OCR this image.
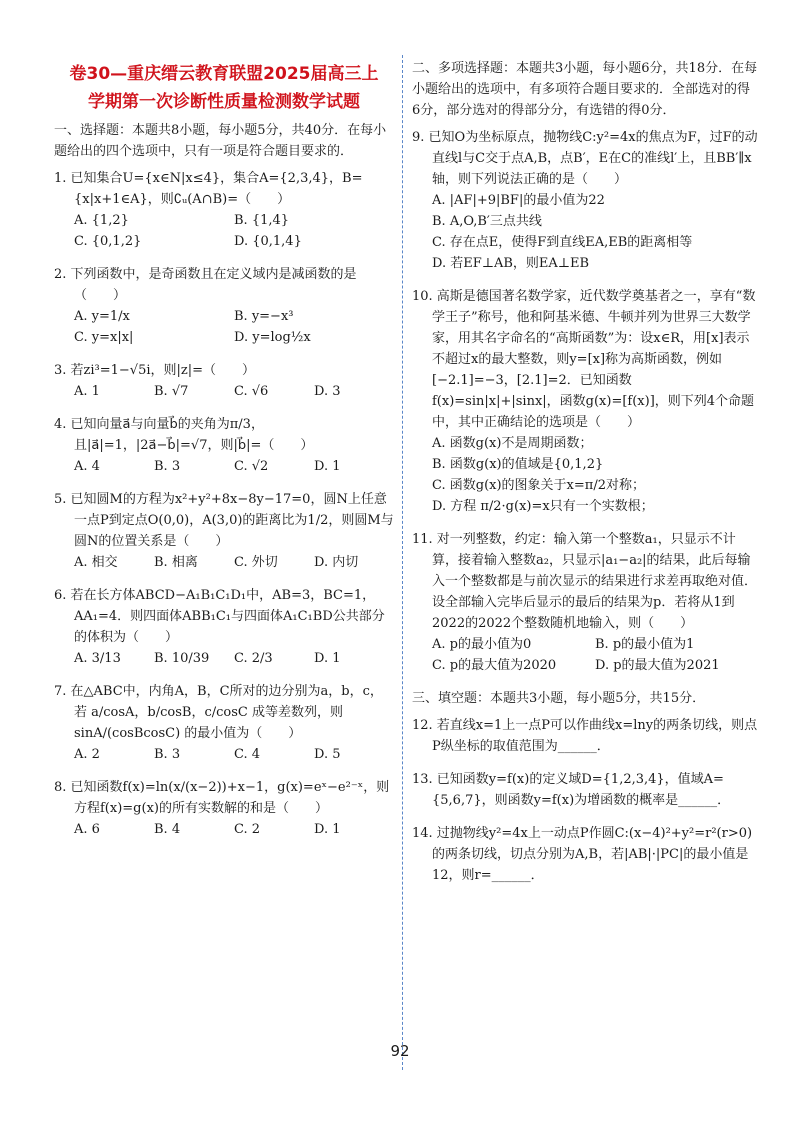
卷30—重庆缙云教育联盟2025届高三上
学期第一次诊断性质量检测数学试题
一、选择题：本题共8小题，每小题5分，共40分．在每小题给出的四个选项中，只有一项是符合题目要求的．
1. 已知集合U={x∈N|x≤4}，集合A={2,3,4}，B={x|x+1∈A}，则∁ᵤ(A∩B)=（　　）
A. {1,2}	B. {1,4}
C. {0,1,2}	D. {0,1,4}
2. 下列函数中，是奇函数且在定义域内是减函数的是（　　）
A. y=1/x	B. y=−x³
C. y=x|x|	D. y=log½x
3. 若zi³=1−√5i，则|z|=（　　）
A. 1	B. √7	C. √6	D. 3
4. 已知向量a⃗与向量b⃗的夹角为π/3，且|a⃗|=1，|2a⃗−b⃗|=√7，则|b⃗|=（　　）
A. 4	B. 3	C. √2	D. 1
5. 已知圆M的方程为x²+y²+8x−8y−17=0，圆N上任意一点P到定点O(0,0)，A(3,0)的距离比为1/2，则圆M与圆N的位置关系是（　　）
A. 相交	B. 相离	C. 外切	D. 内切
6. 若在长方体ABCD−A₁B₁C₁D₁中，AB=3，BC=1，AA₁=4．则四面体ABB₁C₁与四面体A₁C₁BD公共部分的体积为（　　）
A. 3/13	B. 10/39	C. 2/3	D. 1
7. 在△ABC中，内角A，B，C所对的边分别为a，b，c，若 a/cosA，b/cosB，c/cosC 成等差数列，则 sinA/(cosBcosC) 的最小值为（　　）
A. 2	B. 3	C. 4	D. 5
8. 已知函数f(x)=ln(x/(x−2))+x−1，g(x)=eˣ−e²⁻ˣ，则方程f(x)=g(x)的所有实数解的和是（　　）
A. 6	B. 4	C. 2	D. 1
二、多项选择题：本题共3小题，每小题6分，共18分．在每小题给出的选项中，有多项符合题目要求的．全部选对的得6分，部分选对的得部分分，有选错的得0分．
9. 已知O为坐标原点，抛物线C:y²=4x的焦点为F，过F的动直线l与C交于点A,B，点B′，E在C的准线l′上，且BB′∥x轴，则下列说法正确的是（　　）
A. |AF|+9|BF|的最小值为22
B. A,O,B′三点共线
C. 存在点E，使得F到直线EA,EB的距离相等
D. 若EF⊥AB，则EA⊥EB
10. 高斯是德国著名数学家，近代数学奠基者之一，享有“数学王子”称号，他和阿基米德、牛顿并列为世界三大数学家，用其名字命名的“高斯函数”为：设x∈R，用[x]表示不超过x的最大整数，则y=[x]称为高斯函数，例如[−2.1]=−3，[2.1]=2．已知函数f(x)=sin|x|+|sinx|，函数g(x)=[f(x)]，则下列4个命题中，其中正确结论的选项是（　　）
A. 函数g(x)不是周期函数；
B. 函数g(x)的值域是{0,1,2}
C. 函数g(x)的图象关于x=π/2对称；
D. 方程 π/2·g(x)=x只有一个实数根；
11. 对一列整数，约定：输入第一个整数a₁，只显示不计算，接着输入整数a₂，只显示|a₁−a₂|的结果，此后每输入一个整数都是与前次显示的结果进行求差再取绝对值．设全部输入完毕后显示的最后的结果为p．若将从1到2022的2022个整数随机地输入，则（　　）
A. p的最小值为0	B. p的最小值为1
C. p的最大值为2020	D. p的最大值为2021
三、填空题：本题共3小题，每小题5分，共15分．
12. 若直线x=1上一点P可以作曲线x=lny的两条切线，则点P纵坐标的取值范围为______．
13. 已知函数y=f(x)的定义域D={1,2,3,4}，值域A={5,6,7}，则函数y=f(x)为增函数的概率是______．
14. 过抛物线y²=4x上一动点P作圆C:(x−4)²+y²=r²(r>0)的两条切线，切点分别为A,B，若|AB|·|PC|的最小值是12，则r=______．
92
